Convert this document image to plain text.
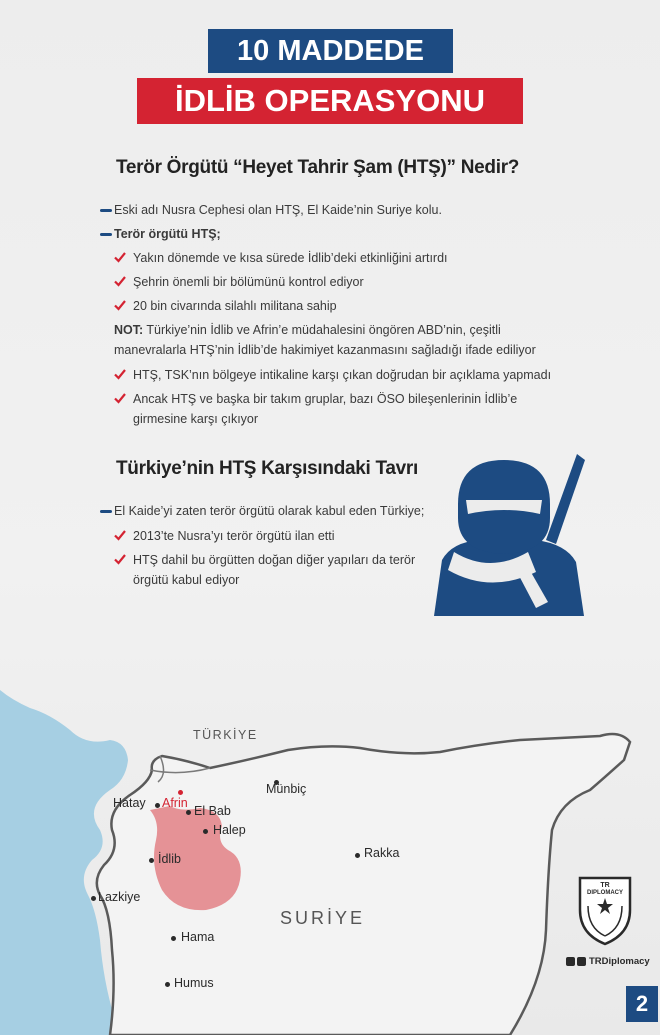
10 MADDEDE
İDLİB OPERASYONU
Terör Örgütü “Heyet Tahrir Şam (HTŞ)” Nedir?
Eski adı Nusra Cephesi olan HTŞ, El Kaide’nin Suriye kolu.
Terör örgütü HTŞ;
Yakın dönemde ve kısa sürede İdlib’deki etkinliğini artırdı
Şehrin önemli bir bölümünü kontrol ediyor
20 bin civarında silahlı militana sahip
NOT: Türkiye’nin İdlib ve Afrin’e müdahalesini öngören ABD’nin, çeşitli
manevralarla HTŞ’nin İdlib’de hakimiyet kazanmasını sağladığı ifade ediliyor
HTŞ, TSK’nın bölgeye intikaline karşı çıkan doğrudan bir açıklama yapmadı
Ancak HTŞ ve başka bir takım gruplar, bazı ÖSO bileşenlerinin İdlib’e
girmesine karşı çıkıyor
Türkiye’nin HTŞ Karşısındaki Tavrı
El Kaide’yi zaten terör örgütü olarak kabul eden Türkiye;
2013’te Nusra’yı terör örgütü ilan etti
HTŞ dahil bu örgütten doğan diğer yapıları da terör
örgütü kabul ediyor
TÜRKİYE
SURİYE
Afrin
Hatay
El Bab
Münbiç
Halep
İdlib	Rakka
Lazkiye
Hama
Humus
TR
DIPLOMACY
TRDiplomacy
2
